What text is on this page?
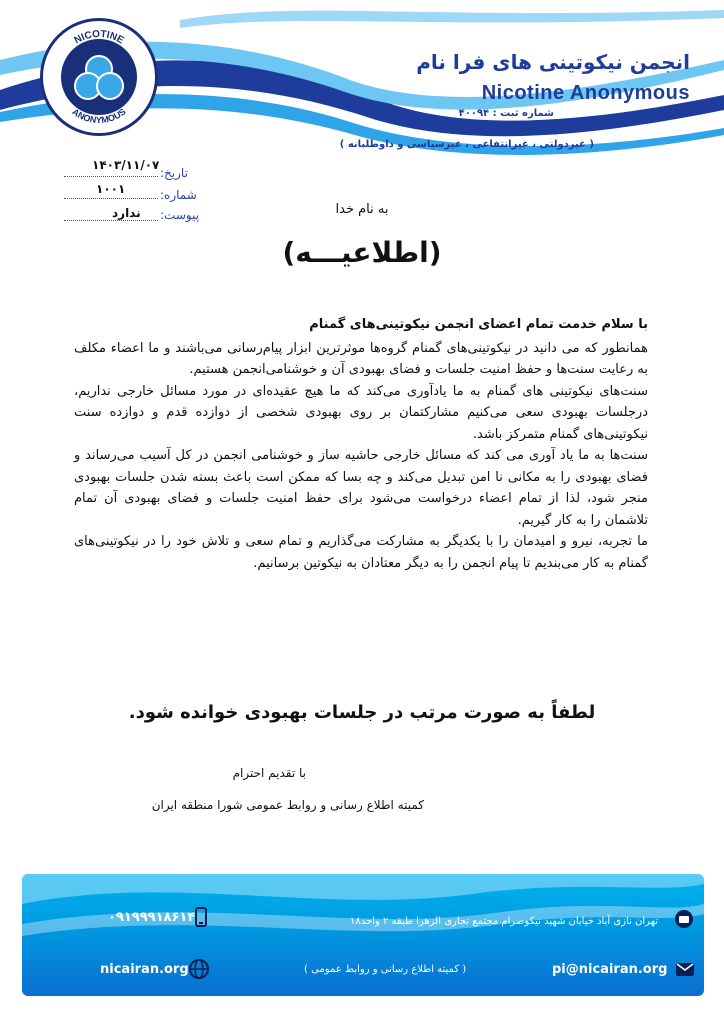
NICOTINE
ANONYMOUS
انجمن نیکوتینی های فرا نام
Nicotine Anonymous
شماره ثبت : ۴۰۰۹۴
سازمان های مردم نهاد
( غیردولتی ، غیرانتفاعی ، غیرسیاسی و داوطلبانه )
تاریخ:
۱۴۰۳/۱۱/۰۷
شماره:
۱۰۰۱
پیوست:
ندارد	به نام خدا
(اطلاعیـــه)

با سلام خدمت تمام اعضای انجمن نیکوتینی‌های گمنام

همانطور که می دانید در نیکوتینی‌های گمنام گروه‌ها موثرترین ابزار پیام‌رسانی می‌باشند و ما اعضاء مکلف به رعایت سنت‌ها و حفظ امنیت جلسات و فضای بهبودی آن و خوشنامی‌انجمن هستیم.

سنت‌های نیکوتینی های گمنام به ما یادآوری می‌کند که ما هیچ عقیده‌ای در مورد مسائل خارجی نداریم، درجلسات بهبودی سعی می‌کنیم مشارکتمان بر روی بهبودی شخصی از دوازده قدم و دوازده سنت نیکوتینی‌های گمنام متمرکز باشد.

سنت‌ها به ما یاد آوری می کند که مسائل خارجی حاشیه ساز و خوشنامی انجمن در کل آسیب می‌رساند و فضای بهبودی را به مکانی نا امن تبدیل می‌کند و چه بسا که ممکن است باعث بسته شدن جلسات بهبودی منجر شود، لذا از تمام اعضاء درخواست می‌شود برای حفظ امنیت جلسات و فضای بهبودی آن تمام تلاشمان را به کار گیریم.

ما تجربه، نیرو و امیدمان را با یکدیگر به مشارکت می‌گذاریم و تمام سعی و تلاش خود را در نیکوتینی‌های گمنام به کار می‌بندیم تا پیام انجمن را به دیگر معتادان به نیکوتین برسانیم.

لطفاً به صورت مرتب در جلسات بهبودی خوانده شود.
با تقدیم احترام
کمیته اطلاع رسانی و روابط عمومی شورا منطقه ایران
۰۹۱۹۹۹۱۸۶۱۴	تهران نازی آباد خیابان شهید نیکوصرام مجتمع تجاری الزهرا طبقه ۲ واحد۱۸
nicairan.org	( کمیته اطلاع رسانی و روابط عمومی )	pi@nicairan.org
